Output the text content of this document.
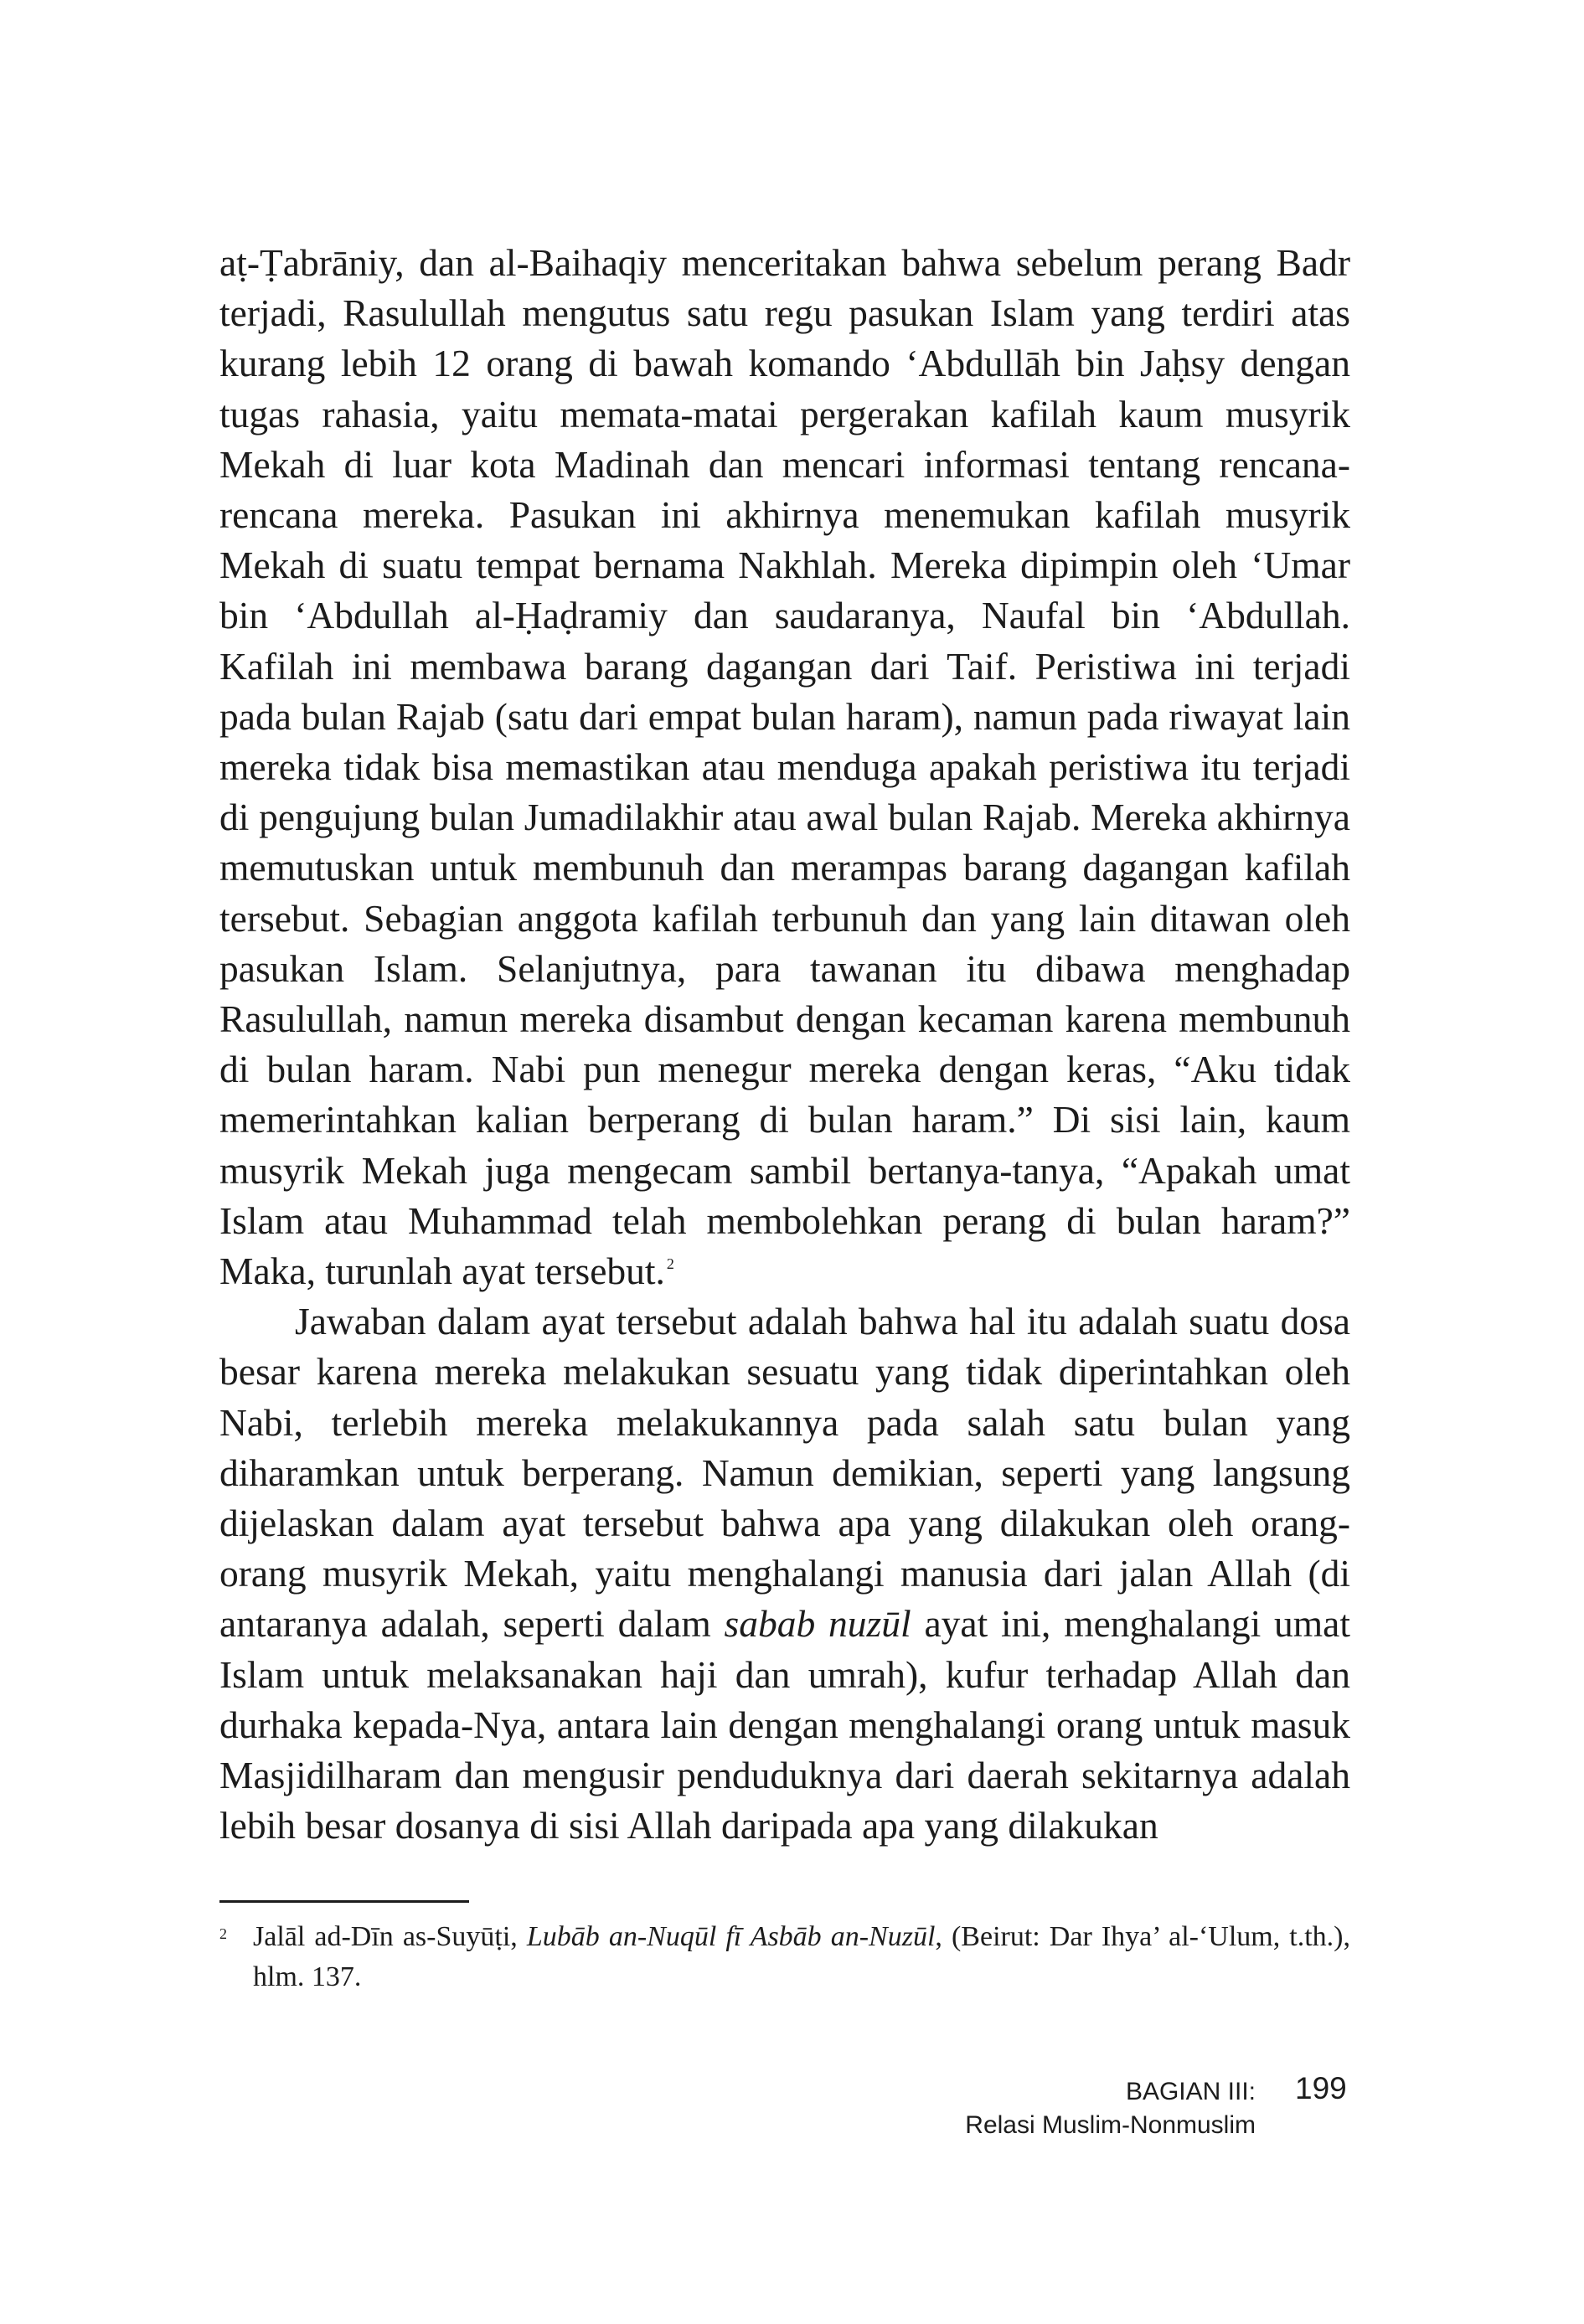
aṭ-Ṭabrāniy, dan al-Baihaqiy menceritakan bahwa sebelum perang Badr terjadi, Rasulullah mengutus satu regu pasukan Islam yang terdiri atas kurang lebih 12 orang di bawah komando ‘Abdullāh bin Jaḥsy dengan tugas rahasia, yaitu memata-matai pergerakan kafilah kaum musyrik Mekah di luar kota Madinah dan mencari informasi tentang rencana-rencana mereka. Pasukan ini akhirnya menemukan kafilah musyrik Mekah di suatu tempat bernama Nakhlah. Mereka dipimpin oleh ‘Umar bin ‘Abdullah al-Ḥaḍramiy dan saudaranya, Naufal bin ‘Abdullah. Kafilah ini membawa barang dagangan dari Taif. Peristiwa ini terjadi pada bulan Rajab (satu dari empat bulan haram), namun pada riwayat lain mereka tidak bisa memastikan atau menduga apakah peristiwa itu terjadi di pengujung bulan Jumadilakhir atau awal bulan Rajab. Mereka akhirnya memutuskan untuk membunuh dan merampas barang dagangan kafilah tersebut. Sebagian anggota kafilah terbunuh dan yang lain ditawan oleh pasukan Islam. Selanjutnya, para tawanan itu dibawa menghadap Rasulullah, namun mereka disambut dengan kecaman karena membunuh di bulan haram. Nabi pun menegur mereka dengan keras, “Aku tidak memerintahkan kalian berperang di bulan haram.” Di sisi lain, kaum musyrik Mekah juga mengecam sambil bertanya-tanya, “Apakah umat Islam atau Muhammad telah membolehkan perang di bulan haram?” Maka, turunlah ayat tersebut. $^2$

Jawaban dalam ayat tersebut adalah bahwa hal itu adalah suatu dosa besar karena mereka melakukan sesuatu yang tidak diperintahkan oleh Nabi, terlebih mereka melakukannya pada salah satu bulan yang diharamkan untuk berperang. Namun demikian, seperti yang langsung dijelaskan dalam ayat tersebut bahwa apa yang dilakukan oleh orang-orang musyrik Mekah, yaitu menghalangi manusia dari jalan Allah (di antaranya adalah, seperti dalam sabab nuzūl ayat ini, menghalangi umat Islam untuk melaksanakan haji dan umrah), kufur terhadap Allah dan durhaka kepada-Nya, antara lain dengan menghalangi orang untuk masuk Masjidilharam dan mengusir penduduknya dari daerah sekitarnya adalah lebih besar dosanya di sisi Allah daripada apa yang dilakukan

2 Jalāl ad-Dīn as-Suyūṭi, Lubāb an-Nuqūl fī Asbāb an-Nuzūl, (Beirut: Dar Ihya’ al-‘Ulum, t.th.), hlm. 137.
BAGIAN III:
Relasi Muslim-Nonmuslim
199
